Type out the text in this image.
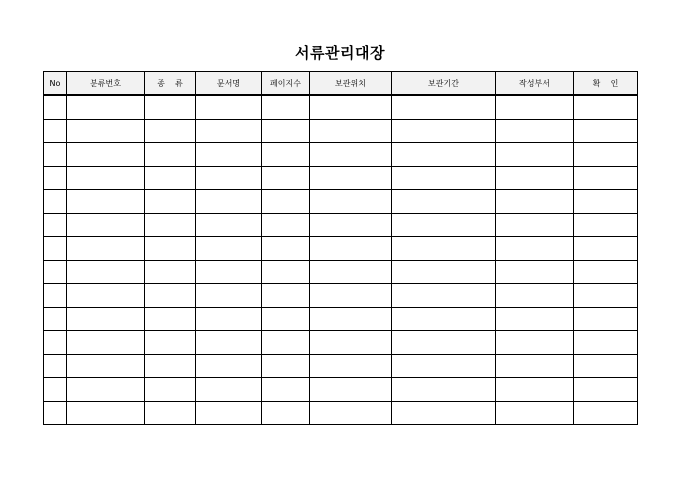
서류관리대장
No	분류번호	종    류	문서명	페이지수	보관위치	보관기간	작성부서	확    인
